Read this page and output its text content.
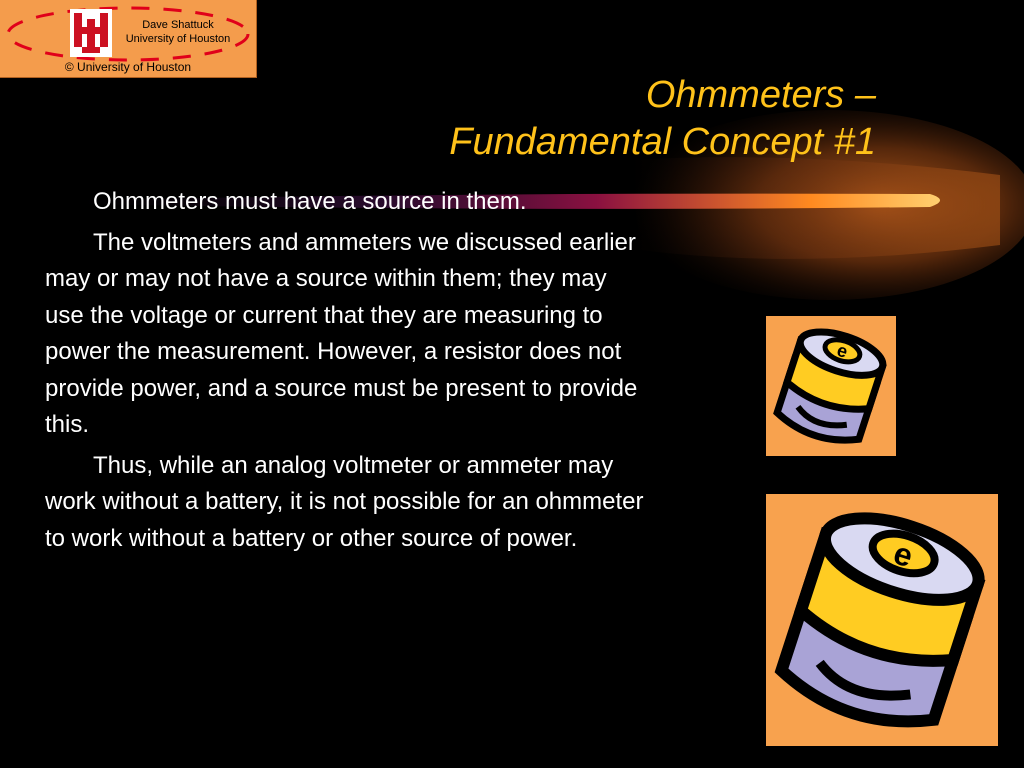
Dave Shattuck
University of Houston
© University of Houston
Ohmmeters –
Fundamental Concept #1

Ohmmeters must have a source in them.

The voltmeters and ammeters we discussed earlier may or may not have a source within them; they may use the voltage or current that they are measuring to power the measurement. However, a resistor does not provide power, and a source must be present to provide this.

Thus, while an analog voltmeter or ammeter may work without a battery, it is not possible for an ohmmeter to work without a battery or other source of power.

e
e
